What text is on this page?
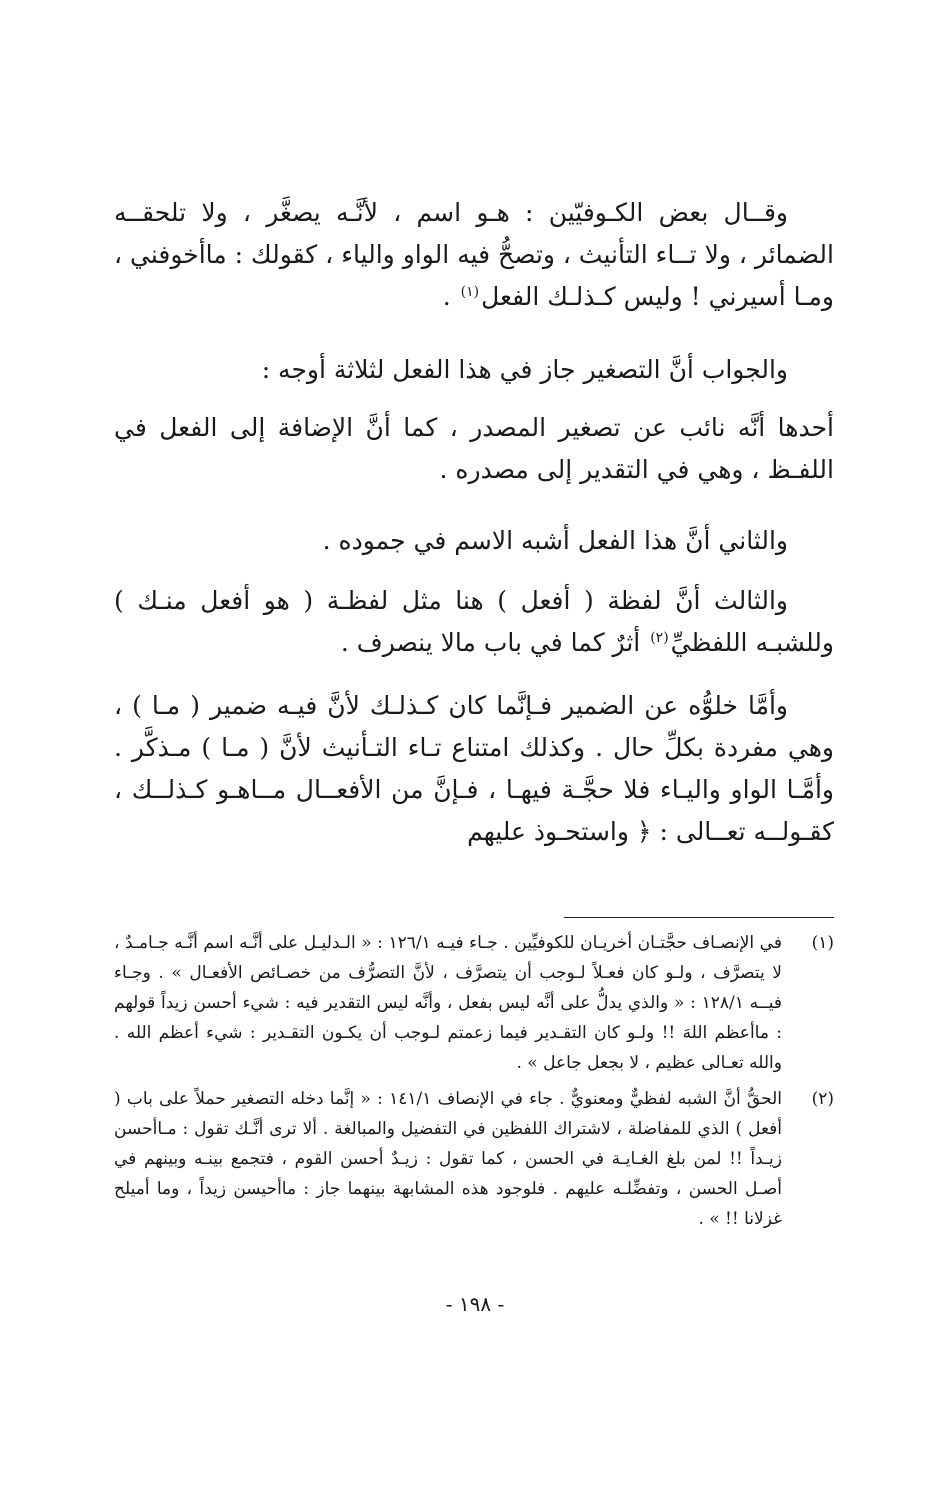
وقــال بعض الكـوفيّين : هـو اسم ، لأنَّـه يصغَّر ، ولا تلحقــه الضمائر ، ولا تــاء التأنيث ، وتصحُّ فيه الواو والياء ، كقولك : ماأخوفني ، ومـا أسيرني ! وليس كـذلـك الفعل$^{(١)}$ .

والجواب أنَّ التصغير جاز في هذا الفعل لثلاثة أوجه :

أحدها أنَّه نائب عن تصغير المصدر ، كما أنَّ الإضافة إلى الفعل في اللفـظ ، وهي في التقدير إلى مصدره .

والثاني أنَّ هذا الفعل أشبه الاسم في جموده .

والثالث أنَّ لفظة ( أفعل ) هنا مثل لفظـة ( هو أفعل منـك ) وللشبـه اللفظيِّ$^{(٢)}$ أثرٌ كما في باب مالا ينصرف .

وأمَّا خلوُّه عن الضمير فـإنَّما كان كـذلـك لأنَّ فيـه ضمير ( مـا ) ، وهي مفردة بكلِّ حال . وكذلك امتناع تـاء التـأنيث لأنَّ ( مـا ) مـذكَّر . وأمَّـا الواو واليـاء فلا حجَّـة فيهـا ، فـإنَّ من الأفعــال مــاهـو كـذلــك ، كقـولــه تعــالى : ﴿ واستحـوذ عليهم

(١)
في الإنصـاف حجَّتـان أخريـان للكوفيِّين . جـاء فيـه ١٢٦/١ : « الـدليـل على أنَّـه اسم أنَّـه جـامـدٌ ، لا يتصرَّف ، ولـو كان فعـلاً لـوجب أن يتصرَّف ، لأنَّ التصرُّف من خصـائص الأفعـال » . وجـاء فيــه ١٢٨/١ : « والذي يدلُّ على أنَّه ليس بفعل ، وأنَّه ليس التقدير فيه : شيء أحسن زيداً قولهم : ماأعظم اللهَ !! ولـو كان التقـدير فيما زعمتم لـوجب أن يكـون التقـدير : شيء أعظم الله . والله تعـالى عظيم ، لا بجعل جاعل » .
(٢)
الحقُّ أنَّ الشبه لفظيٌّ ومعنويٌّ . جاء في الإنصاف ١٤١/١ : « إنَّما دخله التصغير حملاً على باب ( أفعل ) الذي للمفاضلة ، لاشتراك اللفظين في التفضيل والمبالغة . ألا ترى أنَّـك تقول : مـاأحسن زيـداً !! لمن بلغ الغـايـة في الحسن ، كما تقول : زيـدٌ أحسن القوم ، فتجمع بينـه وبينهم في أصـل الحسن ، وتفضِّلـه عليهم . فلوجود هذه المشابهة بينهما جاز : ماأحيسن زيداً ، وما أميلح غزلانا !! » .
- ١٩٨ -
